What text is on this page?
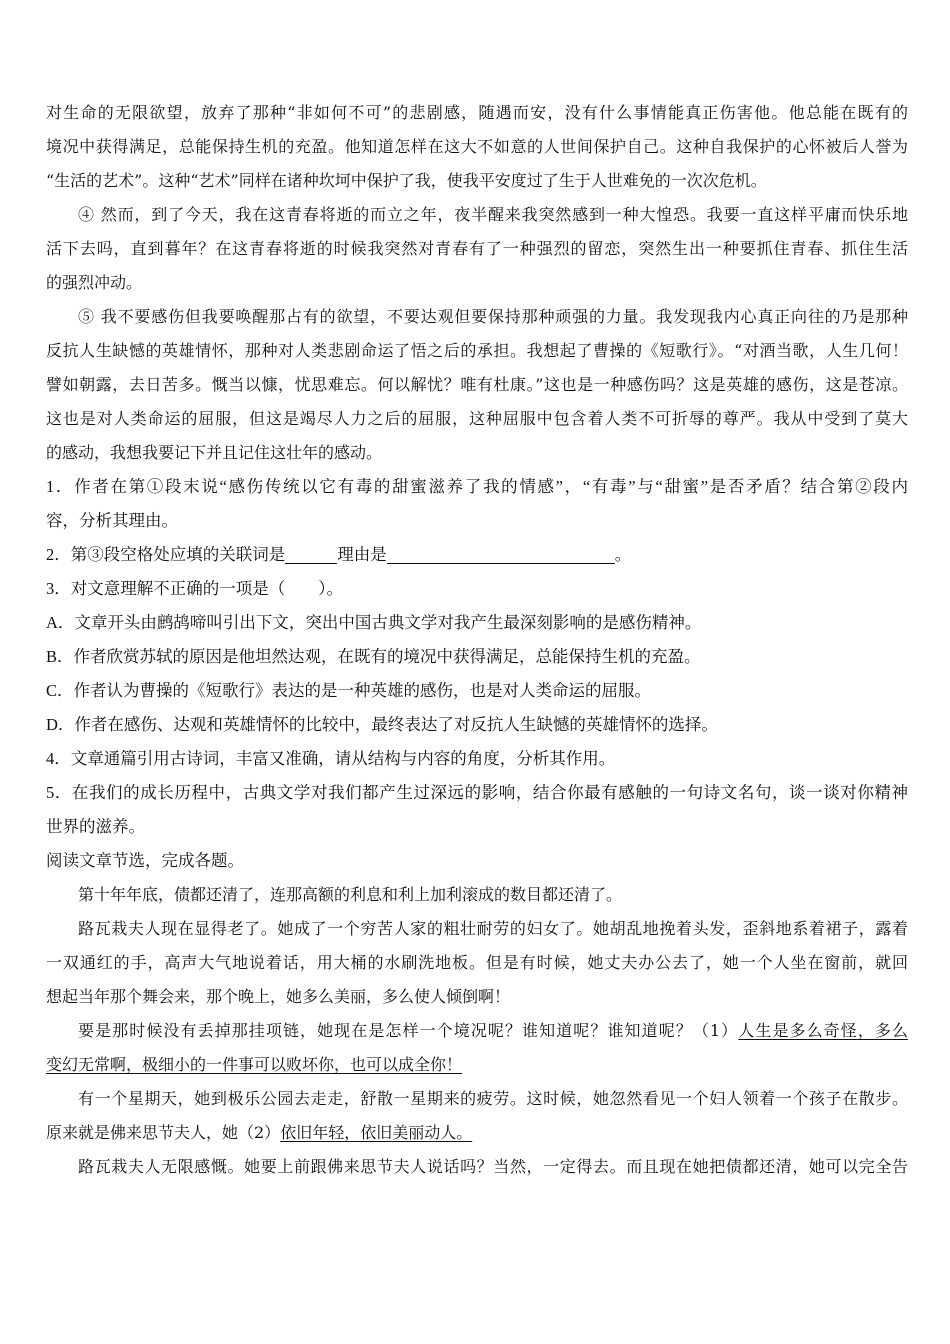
对生命的无限欲望，放弃了那种“非如何不可”的悲剧感，随遇而安，没有什么事情能真正伤害他。他总能在既有的
境况中获得满足，总能保持生机的充盈。他知道怎样在这大不如意的人世间保护自己。这种自我保护的心怀被后人誉为
“生活的艺术”。这种“艺术”同样在诸种坎坷中保护了我，使我平安度过了生于人世难免的一次次危机。
④ 然而，到了今天，我在这青春将逝的而立之年，夜半醒来我突然感到一种大惶恐。我要一直这样平庸而快乐地
活下去吗，直到暮年？在这青春将逝的时候我突然对青春有了一种强烈的留恋，突然生出一种要抓住青春、抓住生活
的强烈冲动。
⑤ 我不要感伤但我要唤醒那占有的欲望，不要达观但要保持那种顽强的力量。我发现我内心真正向往的乃是那种
反抗人生缺憾的英雄情怀，那种对人类悲剧命运了悟之后的承担。我想起了曹操的《短歌行》。“对酒当歌，人生几何！
譬如朝露，去日苦多。慨当以慷，忧思难忘。何以解忧？唯有杜康。”这也是一种感伤吗？这是英雄的感伤，这是苍凉。
这也是对人类命运的屈服，但这是竭尽人力之后的屈服，这种屈服中包含着人类不可折辱的尊严。我从中受到了莫大
的感动，我想我要记下并且记住这壮年的感动。
1．作者在第①段末说“感伤传统以它有毒的甜蜜滋养了我的情感”，“有毒”与“甜蜜”是否矛盾？结合第②段内
容，分析其理由。
2．第③段空格处应填的关联词是	理由是	。
3．对文意理解不正确的一项是（　　）。
A．文章开头由鹧鸪啼叫引出下文，突出中国古典文学对我产生最深刻影响的是感伤精神。
B．作者欣赏苏轼的原因是他坦然达观，在既有的境况中获得满足，总能保持生机的充盈。
C．作者认为曹操的《短歌行》表达的是一种英雄的感伤，也是对人类命运的屈服。
D．作者在感伤、达观和英雄情怀的比较中，最终表达了对反抗人生缺憾的英雄情怀的选择。
4．文章通篇引用古诗词，丰富又准确，请从结构与内容的角度，分析其作用。
5．在我们的成长历程中，古典文学对我们都产生过深远的影响，结合你最有感触的一句诗文名句，谈一谈对你精神
世界的滋养。
阅读文章节选，完成各题。
第十年年底，债都还清了，连那高额的利息和利上加利滚成的数目都还清了。
路瓦栽夫人现在显得老了。她成了一个穷苦人家的粗壮耐劳的妇女了。她胡乱地挽着头发，歪斜地系着裙子，露着
一双通红的手，高声大气地说着话，用大桶的水刷洗地板。但是有时候，她丈夫办公去了，她一个人坐在窗前，就回
想起当年那个舞会来，那个晚上，她多么美丽，多么使人倾倒啊！
要是那时候没有丢掉那挂项链，她现在是怎样一个境况呢？谁知道呢？谁知道呢？（1）人生是多么奇怪，多么
变幻无常啊，极细小的一件事可以败坏你，也可以成全你！
有一个星期天，她到极乐公园去走走，舒散一星期来的疲劳。这时候，她忽然看见一个妇人领着一个孩子在散步。
原来就是佛来思节夫人，她（2）依旧年轻，依旧美丽动人。
路瓦栽夫人无限感慨。她要上前跟佛来思节夫人说话吗？当然，一定得去。而且现在她把债都还清，她可以完全告
